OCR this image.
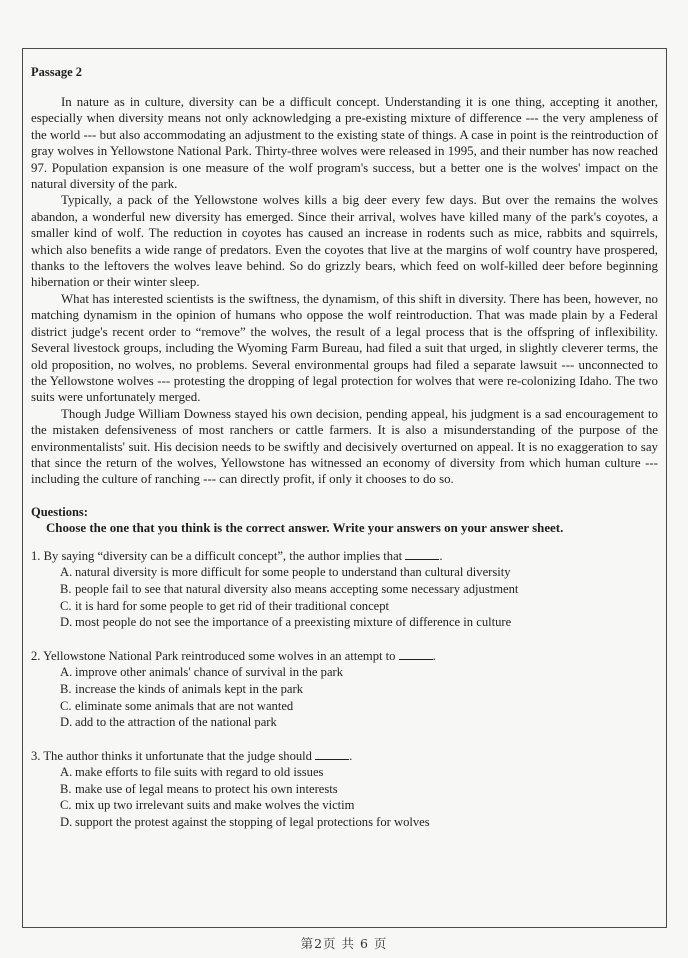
Passage 2

In nature as in culture, diversity can be a difficult concept. Understanding it is one thing, accepting it another, especially when diversity means not only acknowledging a pre-existing mixture of difference --- the very ampleness of the world --- but also accommodating an adjustment to the existing state of things. A case in point is the reintroduction of gray wolves in Yellowstone National Park. Thirty-three wolves were released in 1995, and their number has now reached 97. Population expansion is one measure of the wolf program's success, but a better one is the wolves' impact on the natural diversity of the park.

Typically, a pack of the Yellowstone wolves kills a big deer every few days. But over the remains the wolves abandon, a wonderful new diversity has emerged. Since their arrival, wolves have killed many of the park's coyotes, a smaller kind of wolf. The reduction in coyotes has caused an increase in rodents such as mice, rabbits and squirrels, which also benefits a wide range of predators. Even the coyotes that live at the margins of wolf country have prospered, thanks to the leftovers the wolves leave behind. So do grizzly bears, which feed on wolf-killed deer before beginning hibernation or their winter sleep.

What has interested scientists is the swiftness, the dynamism, of this shift in diversity. There has been, however, no matching dynamism in the opinion of humans who oppose the wolf reintroduction. That was made plain by a Federal district judge's recent order to “remove” the wolves, the result of a legal process that is the offspring of inflexibility. Several livestock groups, including the Wyoming Farm Bureau, had filed a suit that urged, in slightly cleverer terms, the old proposition, no wolves, no problems. Several environmental groups had filed a separate lawsuit --- unconnected to the Yellowstone wolves --- protesting the dropping of legal protection for wolves that were re-colonizing Idaho. The two suits were unfortunately merged.

Though Judge William Downess stayed his own decision, pending appeal, his judgment is a sad encouragement to the mistaken defensiveness of most ranchers or cattle farmers. It is also a misunderstanding of the purpose of the environmentalists' suit. His decision needs to be swiftly and decisively overturned on appeal. It is no exaggeration to say that since the return of the wolves, Yellowstone has witnessed an economy of diversity from which human culture --- including the culture of ranching --- can directly profit, if only it chooses to do so.

Questions:
Choose the one that you think is the correct answer. Write your answers on your answer sheet.

1. By saying “diversity can be a difficult concept”, the author implies that	.

A. natural diversity is more difficult for some people to understand than cultural diversity
B. people fail to see that natural diversity also means accepting some necessary adjustment
C. it is hard for some people to get rid of their traditional concept
D. most people do not see the importance of a preexisting mixture of difference in culture

2. Yellowstone National Park reintroduced some wolves in an attempt to	.

A. improve other animals' chance of survival in the park
B. increase the kinds of animals kept in the park
C. eliminate some animals that are not wanted
D. add to the attraction of the national park

3. The author thinks it unfortunate that the judge should	.

A. make efforts to file suits with regard to old issues
B. make use of legal means to protect his own interests
C. mix up two irrelevant suits and make wolves the victim
D. support the protest against the stopping of legal protections for wolves
第2页 共 6 页
